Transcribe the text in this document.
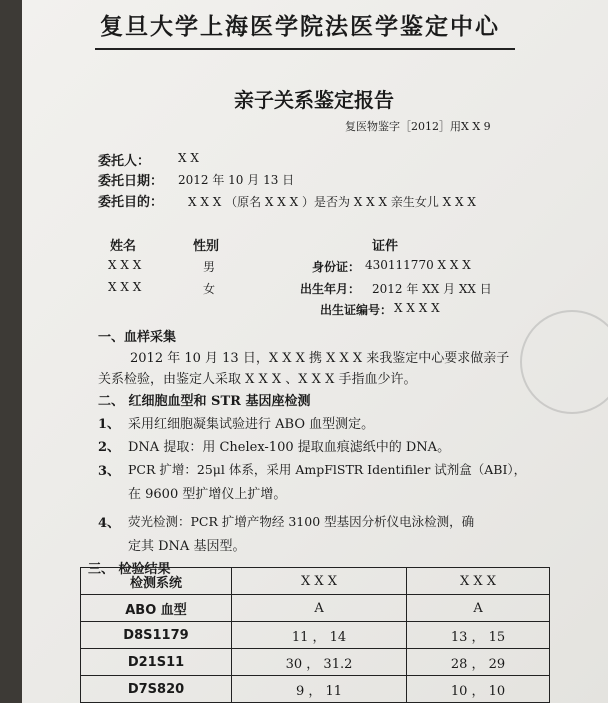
复旦大学上海医学院法医学鉴定中心
亲子关系鉴定报告
复医物鉴字［2012］用X X 9
委托人： X X
委托日期： 2012 年 10 月 13 日
委托目的： X X X （原名 X X X ）是否为 X X X 亲生女儿 X X X
姓名	性别	证件
X X X	男	身份证： 430111770 X X X
X X X	女	出生年月： 2012 年 XX 月 XX 日
出生证编号： X X X X
一、血样采集
2012 年 10 月 13 日，X X X 携 X X X 来我鉴定中心要求做亲子
关系检验，由鉴定人采取 X X X 、X X X 手指血少许。
二、 红细胞血型和 STR 基因座检测
1、 采用红细胞凝集试验进行 ABO 血型测定。
2、 DNA 提取：用 Chelex-100 提取血痕滤纸中的 DNA。
3、 PCR 扩增：25μl 体系，采用 AmpFlSTR Identifiler 试剂盒（ABI），
在 9600 型扩增仪上扩增。
4、 荧光检测：PCR 扩增产物经 3100 型基因分析仪电泳检测，确
定其 DNA 基因型。
三、 检验结果
检测系统	X X X	X X X
ABO 血型	A	A
D8S1179	11 ， 14	13 ， 15
D21S11	30 ， 31.2	28 ， 29
D7S820	9 ， 11	10 ， 10
